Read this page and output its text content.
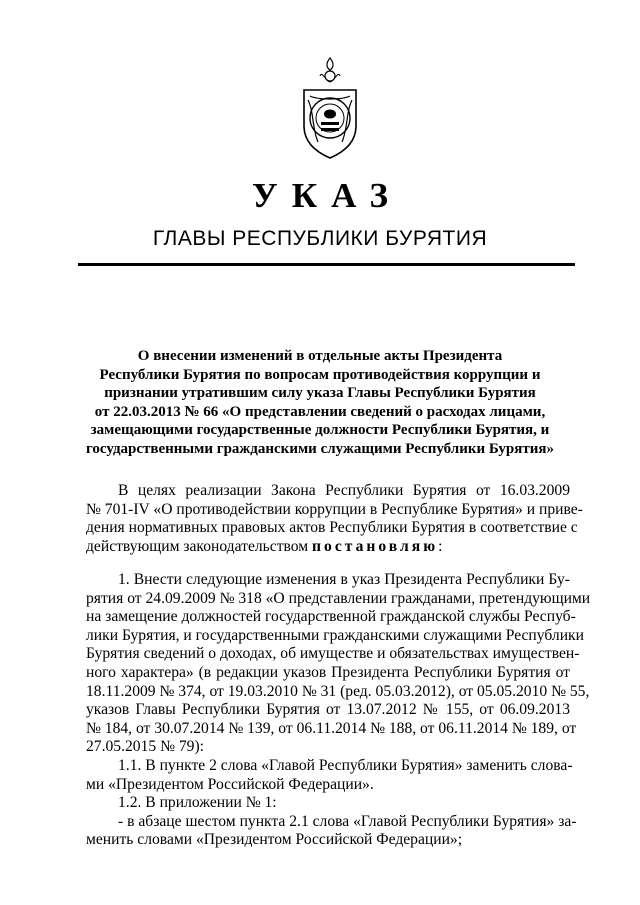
УКАЗ
ГЛАВЫ РЕСПУБЛИКИ БУРЯТИЯ
О внесении изменений в отдельные акты Президента
Республики Бурятия по вопросам противодействия коррупции и
признании утратившим силу указа Главы Республики Бурятия
от 22.03.2013 № 66 «О представлении сведений о расходах лицами,
замещающими государственные должности Республики Бурятия, и
государственными гражданскими служащими Республики Бурятия»
В целях реализации Закона Республики Бурятия от 16.03.2009
№ 701-IV «О противодействии коррупции в Республике Бурятия» и приве-
дения нормативных правовых актов Республики Бурятия в соответствие с
действующим законодательством постановляю:
1. Внести следующие изменения в указ Президента Республики Бу-
рятия от 24.09.2009 № 318 «О представлении гражданами, претендующими
на замещение должностей государственной гражданской службы Респуб-
лики Бурятия, и государственными гражданскими служащими Республики
Бурятия сведений о доходах, об имуществе и обязательствах имуществен-
ного характера» (в редакции указов Президента Республики Бурятия от
18.11.2009 № 374, от 19.03.2010 № 31 (ред. 05.03.2012), от 05.05.2010 № 55,
указов Главы Республики Бурятия от 13.07.2012 № 155, от 06.09.2013
№ 184, от 30.07.2014 № 139, от 06.11.2014 № 188, от 06.11.2014 № 189, от
27.05.2015 № 79):
1.1. В пункте 2 слова «Главой Республики Бурятия» заменить слова-
ми «Президентом Российской Федерации».
1.2. В приложении № 1:
- в абзаце шестом пункта 2.1 слова «Главой Республики Бурятия» за-
менить словами «Президентом Российской Федерации»;
